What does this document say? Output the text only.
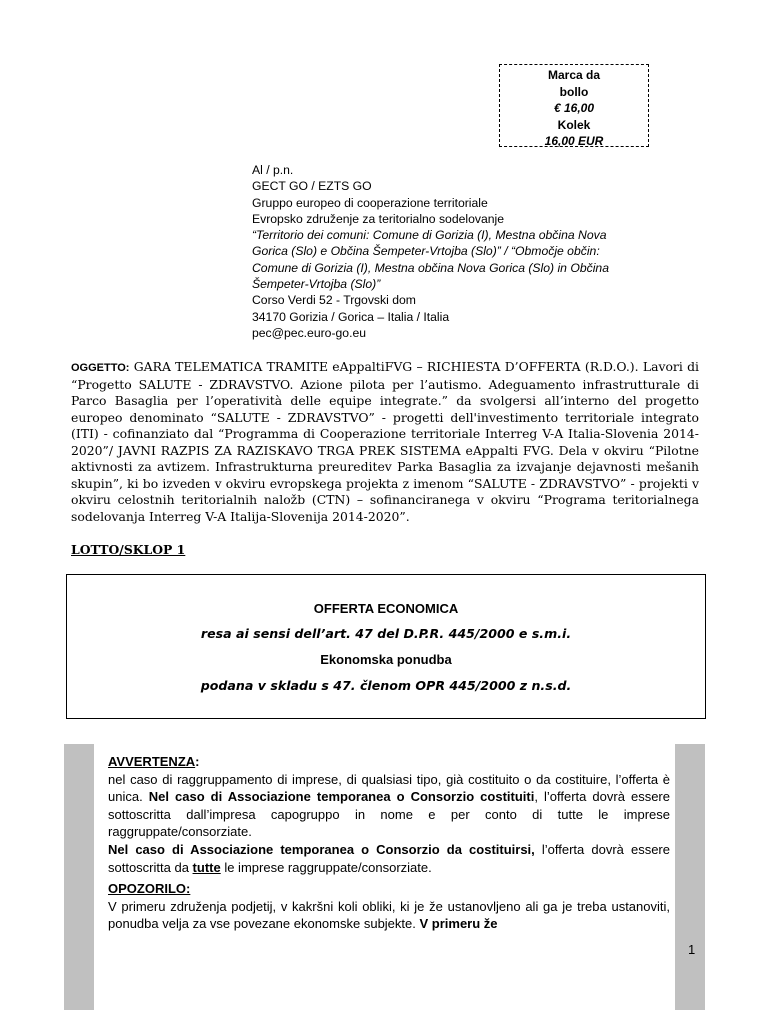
Marca da
bollo
€ 16,00
Kolek
16,00 EUR
Al / p.n.
GECT GO / EZTS GO
Gruppo europeo di cooperazione territoriale
Evropsko združenje za teritorialno sodelovanje
“Territorio dei comuni: Comune di Gorizia (I), Mestna občina Nova
Gorica (Slo) e Občina Šempeter-Vrtojba (Slo)” / “Območje občin:
Comune di Gorizia (I), Mestna občina Nova Gorica (Slo) in Občina
Šempeter-Vrtojba (Slo)”
Corso Verdi 52 - Trgovski dom
34170 Gorizia / Gorica – Italia / Italia
pec@pec.euro-go.eu
OGGETTO: GARA TELEMATICA TRAMITE eAppaltiFVG – RICHIESTA D’OFFERTA (R.D.O.). Lavori di “Progetto SALUTE - ZDRAVSTVO. Azione pilota per l’autismo. Adeguamento infrastrutturale di Parco Basaglia per l’operatività delle equipe integrate.” da svolgersi all’interno del progetto europeo denominato “SALUTE - ZDRAVSTVO” - progetti dell'investimento territoriale integrato (ITI) - cofinanziato dal “Programma di Cooperazione territoriale Interreg V-A Italia-Slovenia 2014-2020”/ JAVNI RAZPIS ZA RAZISKAVO TRGA PREK SISTEMA eAppalti FVG. Dela v okviru “Pilotne aktivnosti za avtizem. Infrastrukturna preureditev Parka Basaglia za izvajanje dejavnosti mešanih skupin”, ki bo izveden v okviru evropskega projekta z imenom “SALUTE - ZDRAVSTVO” - projekti v okviru celostnih teritorialnih naložb (CTN) – sofinanciranega v okviru “Programa teritorialnega sodelovanja Interreg V-A Italija-Slovenija 2014-2020”.
LOTTO/SKLOP 1
OFFERTA ECONOMICA
resa ai sensi dell’art. 47 del D.P.R. 445/2000 e s.m.i.
Ekonomska ponudba
podana v skladu s 47. členom OPR 445/2000 z n.s.d.

AVVERTENZA:

nel caso di raggruppamento di imprese, di qualsiasi tipo, già costituito o da costituire, l’offerta è unica. Nel caso di Associazione temporanea o Consorzio costituiti, l’offerta dovrà essere sottoscritta dall’impresa capogruppo in nome e per conto di tutte le imprese raggruppate/consorziate.

Nel caso di Associazione temporanea o Consorzio da costituirsi, l’offerta dovrà essere sottoscritta da tutte le imprese raggruppate/consorziate.

OPOZORILO:

V primeru združenja podjetij, v kakršni koli obliki, ki je že ustanovljeno ali ga je treba ustanoviti, ponudba velja za vse povezane ekonomske subjekte. V primeru že

1
